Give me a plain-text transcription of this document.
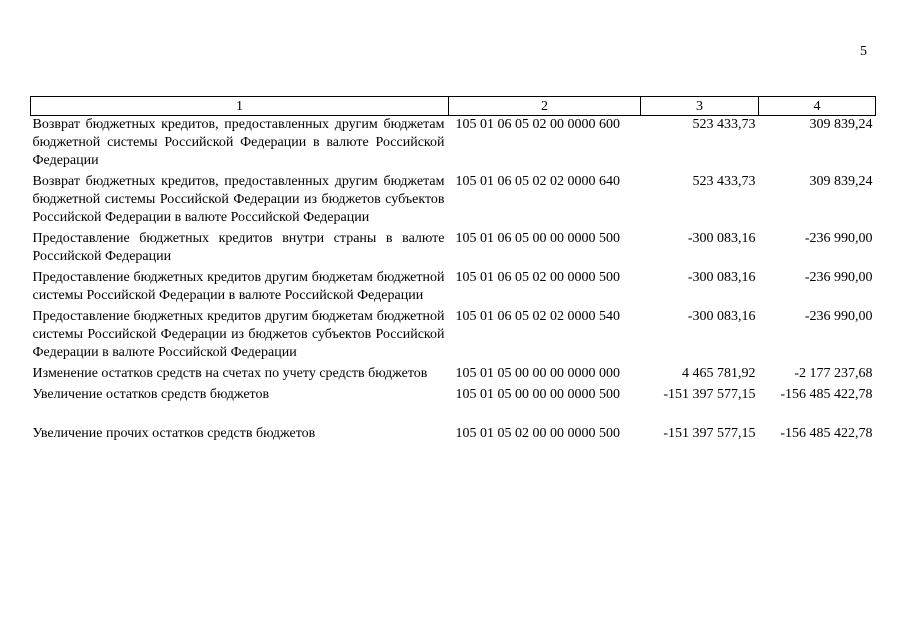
5
1	2	3	4
Возврат бюджетных кредитов, предоставленных другим бюджетам бюджетной системы Российской Федерации в валюте Российской Федерации	105 01 06 05 02 00 0000 600	523 433,73	309 839,24
Возврат бюджетных кредитов, предоставленных другим бюджетам бюджетной системы Российской Федерации из бюджетов субъектов Российской Федерации в валюте Российской Федерации	105 01 06 05 02 02 0000 640	523 433,73	309 839,24
Предоставление бюджетных кредитов внутри страны в валюте Российской Федерации	105 01 06 05 00 00 0000 500	-300 083,16	-236 990,00
Предоставление бюджетных кредитов другим бюджетам бюджетной системы Российской Федерации в валюте Российской Федерации	105 01 06 05 02 00 0000 500	-300 083,16	-236 990,00
Предоставление бюджетных кредитов другим бюджетам бюджетной системы Российской Федерации из бюджетов субъектов Российской Федерации в валюте Российской Федерации	105 01 06 05 02 02 0000 540	-300 083,16	-236 990,00
Изменение остатков средств на счетах по учету средств бюджетов	105 01 05 00 00 00 0000 000	4 465 781,92	-2 177 237,68
Увеличение остатков средств бюджетов	105 01 05 00 00 00 0000 500	-151 397 577,15	-156 485 422,78
Увеличение прочих остатков средств бюджетов	105 01 05 02 00 00 0000 500	-151 397 577,15	-156 485 422,78
